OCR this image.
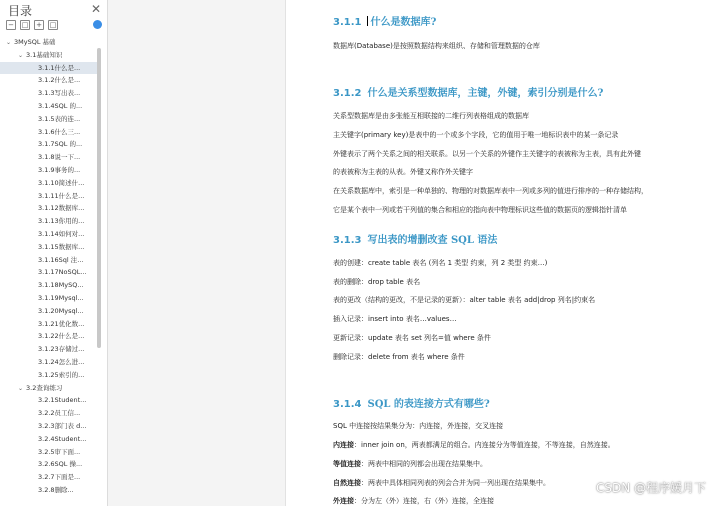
目录	✕
− □ + □
⌄ 3MySQL 基础
⌄ 3.1基础知识
3.1.1什么是...
3.1.2什么是...
3.1.3写出表...
3.1.4SQL 的...
3.1.5表的连...
3.1.6什么三...
3.1.7SQL 的...
3.1.8说一下...
3.1.9事务的...
3.1.10简述什...
3.1.11什么是...
3.1.12数据库...
3.1.13你用的...
3.1.14如何对...
3.1.15数据库...
3.1.16Sql 注...
3.1.17NoSQL...
3.1.18MySQ...
3.1.19Mysql...
3.1.20Mysql...
3.1.21优化数...
3.1.22什么是...
3.1.23存储过...
3.1.24怎么进...
3.1.25索引的...
⌄ 3.2查询练习
3.2.1Student...
3.2.2员工信...
3.2.3部门表 d...
3.2.4Student...
3.2.5审下面...
3.2.6SQL 操...
3.2.7下面是...
3.2.8删除...
3.1.1 什么是数据库?
数据库(Database)是按照数据结构来组织、存储和管理数据的仓库
3.1.2 什么是关系型数据库，主键，外键，索引分别是什么?
关系型数据库是由多张能互相联接的二维行列表格组成的数据库
主关键字(primary key)是表中的一个或多个字段，它的值用于唯一地标识表中的某一条记录
外键表示了两个关系之间的相关联系。以另一个关系的外键作主关键字的表被称为主表，具有此外键
的表被称为主表的从表。外键又称作外关键字
在关系数据库中，索引是一种单独的、物理的对数据库表中一列或多列的值进行排序的一种存储结构，
它是某个表中一列或若干列值的集合和相应的指向表中物理标识这些值的数据页的逻辑指针清单
3.1.3 写出表的增删改查 SQL 语法
表的创建：create table 表名 (列名 1 类型 约束，列 2 类型 约束…)
表的删除：drop table 表名
表的更改（结构的更改，不是记录的更新）：alter table 表名 add|drop 列名|约束名
插入记录：insert into 表名…values…
更新记录：update 表名 set 列名=值 where 条件
删除记录：delete from 表名 where 条件
3.1.4 SQL 的表连接方式有哪些?
SQL 中连接按结果集分为：内连接，外连接，交叉连接
内连接：inner join on，两表都满足的组合。内连接分为等值连接，不等连接，自然连接。
等值连接：两表中相同的列都会出现在结果集中。
自然连接：两表中具体相同列表的列会合并为同一列出现在结果集中。
外连接：分为左（外）连接，右（外）连接，全连接
CSDN @程序媛月下
